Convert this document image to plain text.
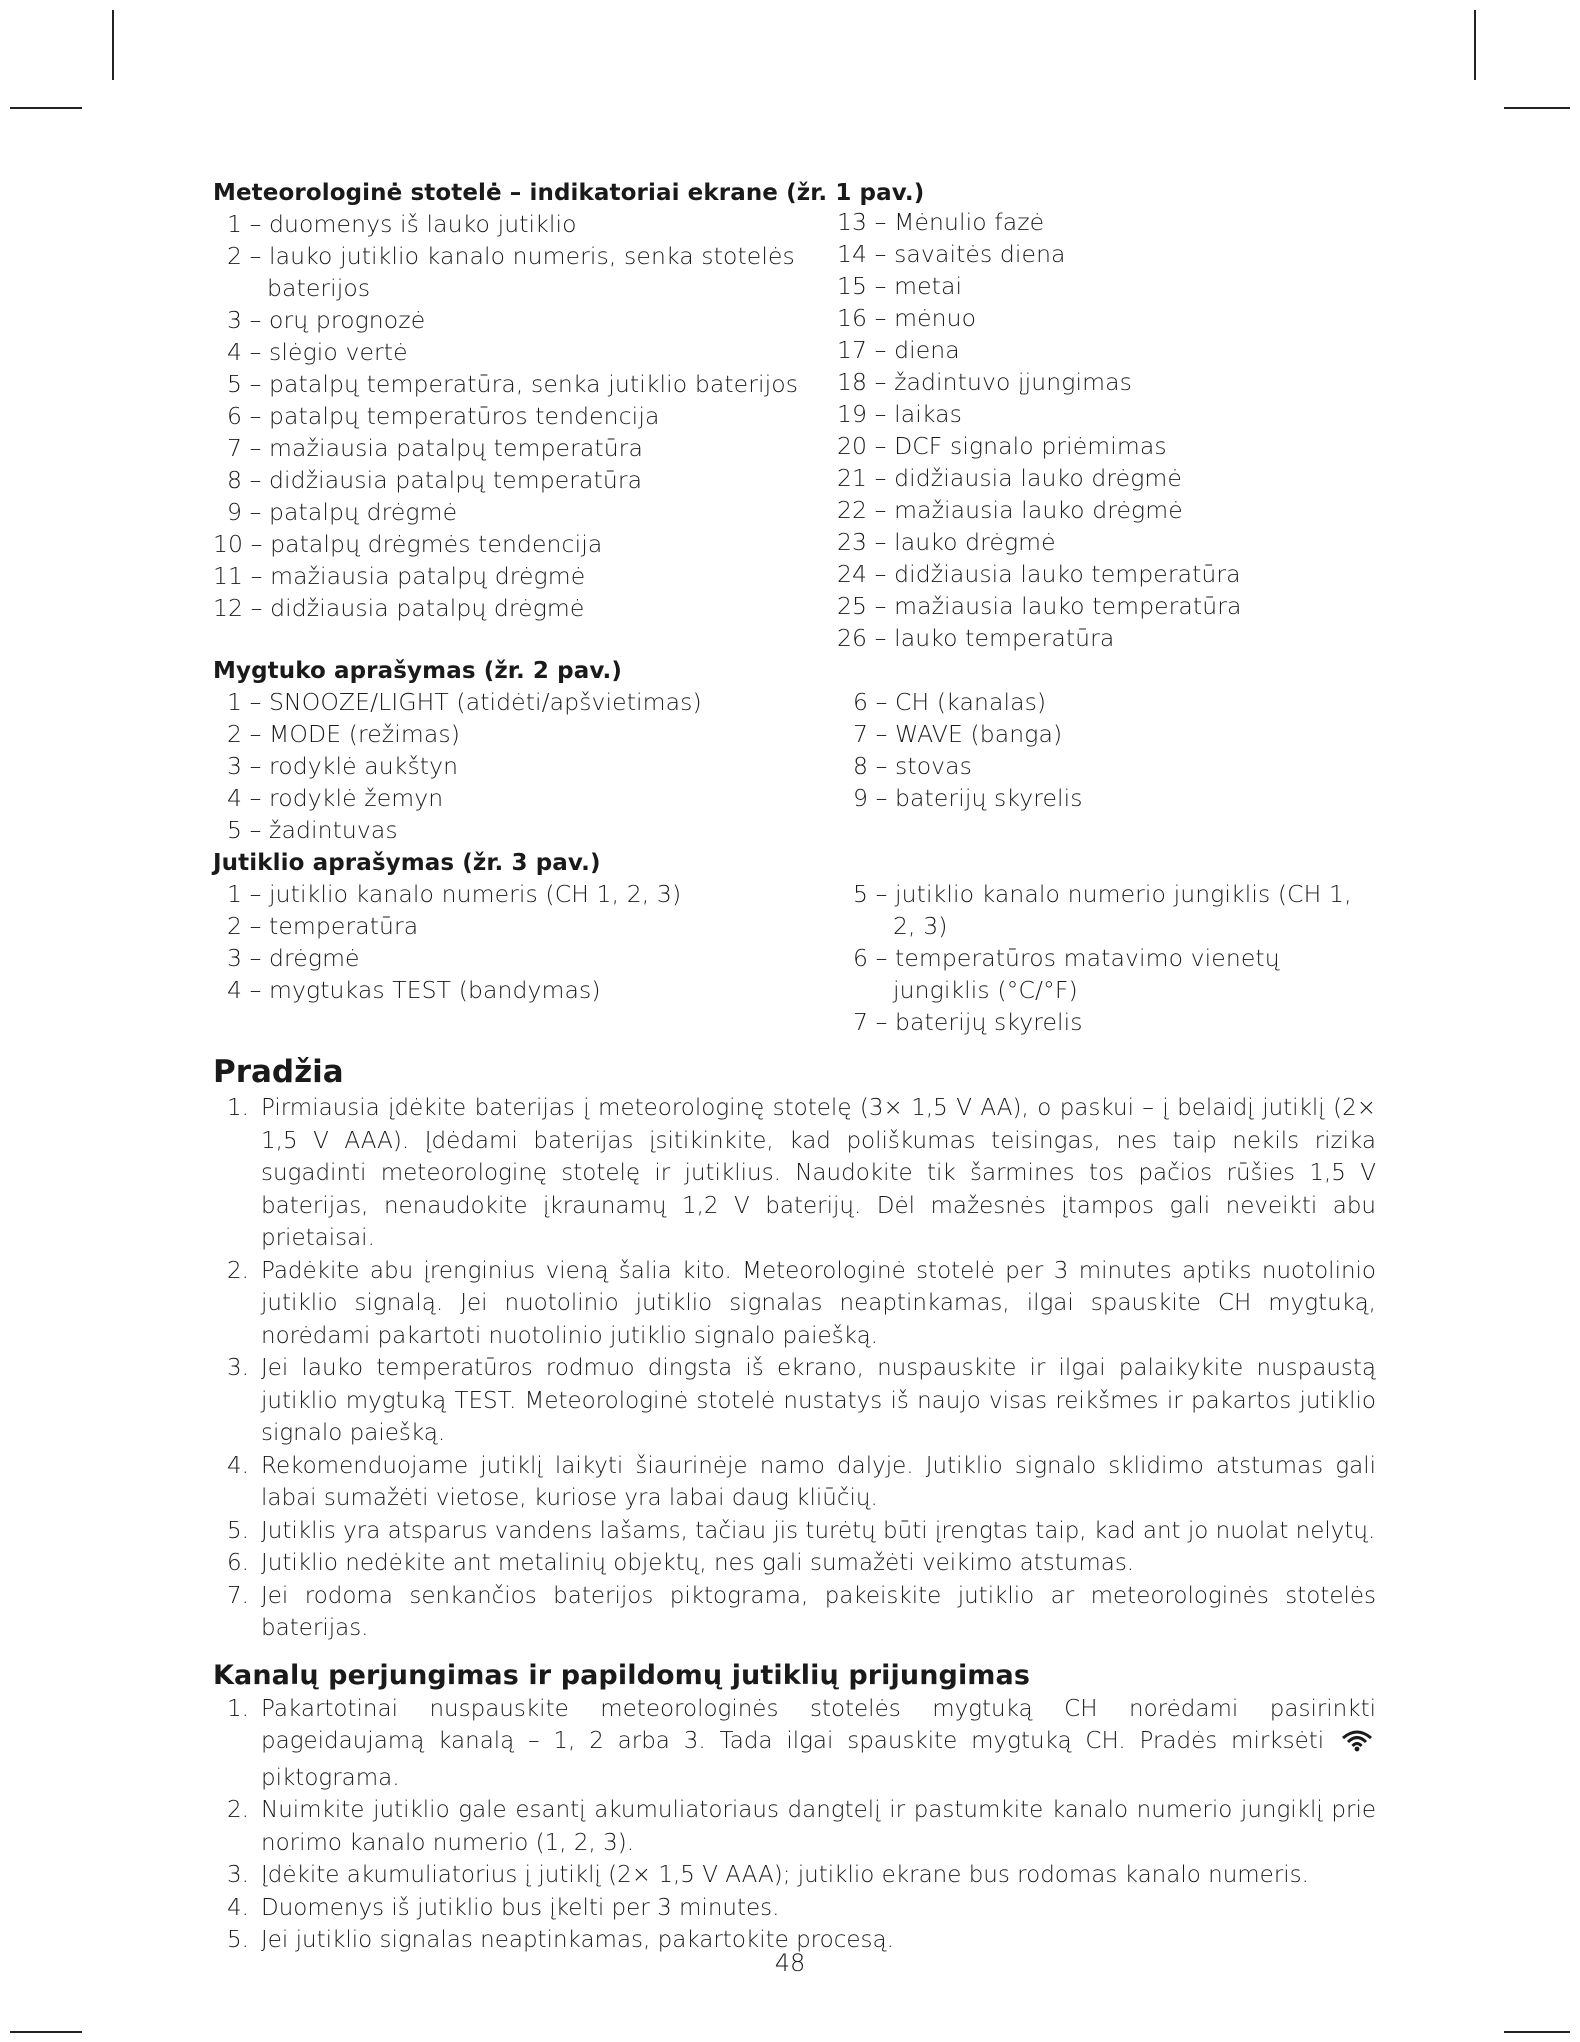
Meteorologinė stotelė – indikatoriai ekrane (žr. 1 pav.)
1 – duomenys iš lauko jutiklio
2 – lauko jutiklio kanalo numeris, senka stotelės baterijos
3 – orų prognozė
4 – slėgio vertė
5 – patalpų temperatūra, senka jutiklio baterijos
6 – patalpų temperatūros tendencija
7 – mažiausia patalpų temperatūra
8 – didžiausia patalpų temperatūra
9 – patalpų drėgmė
10 – patalpų drėgmės tendencija
11 – mažiausia patalpų drėgmė
12 – didžiausia patalpų drėgmė
13 – Mėnulio fazė
14 – savaitės diena
15 – metai
16 – mėnuo
17 – diena
18 – žadintuvo įjungimas
19 – laikas
20 – DCF signalo priėmimas
21 – didžiausia lauko drėgmė
22 – mažiausia lauko drėgmė
23 – lauko drėgmė
24 – didžiausia lauko temperatūra
25 – mažiausia lauko temperatūra
26 – lauko temperatūra
Mygtuko aprašymas (žr. 2 pav.)
1 – SNOOZE/LIGHT (atidėti/apšvietimas)
2 – MODE (režimas)
3 – rodyklė aukštyn
4 – rodyklė žemyn
5 – žadintuvas
6 – CH (kanalas)
7 – WAVE (banga)
8 – stovas
9 – baterijų skyrelis
Jutiklio aprašymas (žr. 3 pav.)
1 – jutiklio kanalo numeris (CH 1, 2, 3)
2 – temperatūra
3 – drėgmė
4 – mygtukas TEST (bandymas)
5 – jutiklio kanalo numerio jungiklis (CH 1, 2, 3)
6 – temperatūros matavimo vienetų jungiklis (°C/°F)
7 – baterijų skyrelis
Pradžia
1. Pirmiausia įdėkite baterijas į meteorologinę stotelę (3× 1,5 V AA), o paskui – į belaidį jutiklį (2× 1,5 V AAA). Įdėdami baterijas įsitikinkite, kad poliškumas teisingas, nes taip nekils rizika sugadinti meteorologinę stotelę ir jutiklius. Naudokite tik šarmines tos pačios rūšies 1,5 V baterijas, nenaudokite įkraunamų 1,2 V baterijų. Dėl mažesnės įtampos gali neveikti abu prietaisai.
2. Padėkite abu įrenginius vieną šalia kito. Meteorologinė stotelė per 3 minutes aptiks nuotolinio jutiklio signalą. Jei nuotolinio jutiklio signalas neaptinkamas, ilgai spauskite CH mygtuką, norėdami pakartoti nuotolinio jutiklio signalo paiešką.
3. Jei lauko temperatūros rodmuo dingsta iš ekrano, nuspauskite ir ilgai palaikykite nuspaustą jutiklio mygtuką TEST. Meteorologinė stotelė nustatys iš naujo visas reikšmes ir pakartos jutiklio signalo paiešką.
4. Rekomenduojame jutiklį laikyti šiaurinėje namo dalyje. Jutiklio signalo sklidimo atstumas gali labai sumažėti vietose, kuriose yra labai daug kliūčių.
5. Jutiklis yra atsparus vandens lašams, tačiau jis turėtų būti įrengtas taip, kad ant jo nuolat nelytų.
6. Jutiklio nedėkite ant metalinių objektų, nes gali sumažėti veikimo atstumas.
7. Jei rodoma senkančios baterijos piktograma, pakeiskite jutiklio ar meteorologinės stotelės baterijas.
Kanalų perjungimas ir papildomų jutiklių prijungimas
1. Pakartotinai nuspauskite meteorologinės stotelės mygtuką CH norėdami pasirinkti pageidaujamą kanalą – 1, 2 arba 3. Tada ilgai spauskite mygtuką CH. Pradės mirksėti piktograma.
2. Nuimkite jutiklio gale esantį akumuliatoriaus dangtelį ir pastumkite kanalo numerio jungiklį prie norimo kanalo numerio (1, 2, 3).
3. Įdėkite akumuliatorius į jutiklį (2× 1,5 V AAA); jutiklio ekrane bus rodomas kanalo numeris.
4. Duomenys iš jutiklio bus įkelti per 3 minutes.
5. Jei jutiklio signalas neaptinkamas, pakartokite procesą.
48
